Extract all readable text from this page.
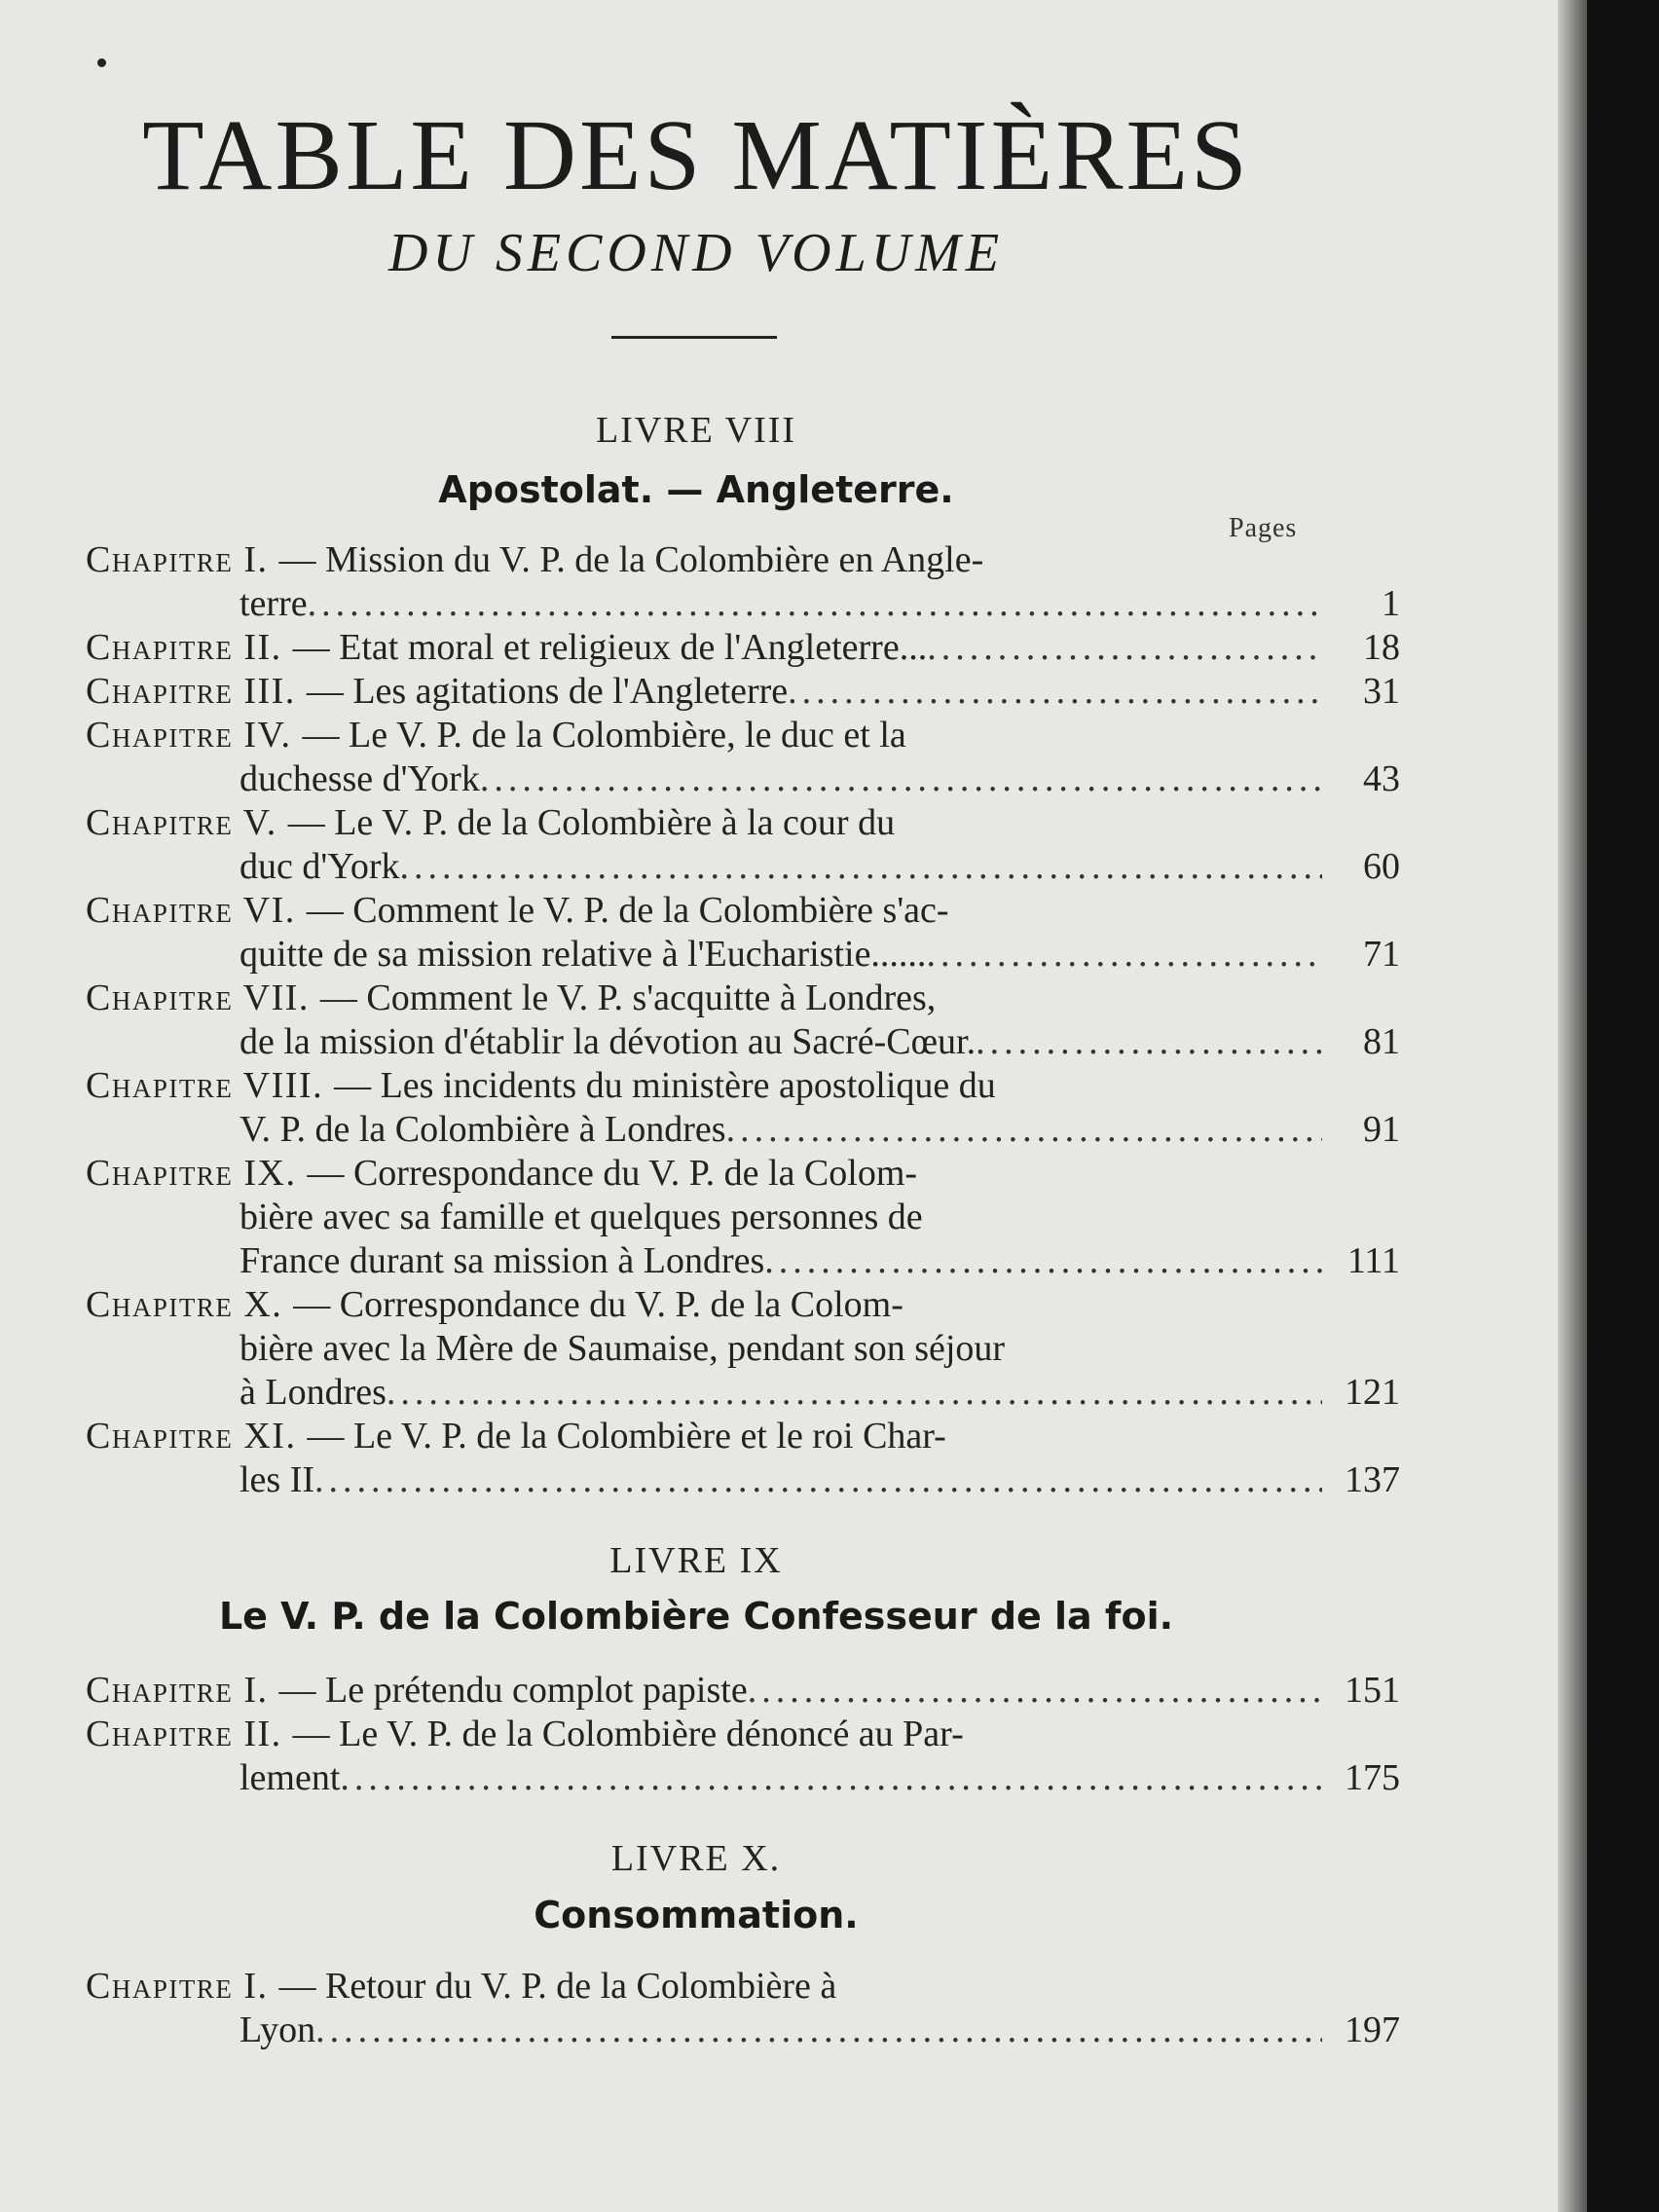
TABLE DES MATIÈRES
DU SECOND VOLUME
Pages
LIVRE VIII
Apostolat. — Angleterre.
Chapitre I. — Mission du V. P. de la Colombière en Angle-
terre .....	1
Chapitre II. — Etat moral et religieux de l'Angleterre... .....	18
Chapitre III. — Les agitations de l'Angleterre .....	31
Chapitre IV. — Le V. P. de la Colombière, le duc et la
duchesse d'York .....	43
Chapitre V. — Le V. P. de la Colombière à la cour du
duc d'York .....	60
Chapitre VI. — Comment le V. P. de la Colombière s'ac-
quitte de sa mission relative à l'Eucharistie...... .....	71
Chapitre VII. — Comment le V. P. s'acquitte à Londres,
de la mission d'établir la dévotion au Sacré-Cœur. .....	81
Chapitre VIII. — Les incidents du ministère apostolique du
V. P. de la Colombière à Londres .....	91
Chapitre IX. — Correspondance du V. P. de la Colom-
bière avec sa famille et quelques personnes de
France durant sa mission à Londres .....	111
Chapitre X. — Correspondance du V. P. de la Colom-
bière avec la Mère de Saumaise, pendant son séjour
à Londres .....	121
Chapitre XI. — Le V. P. de la Colombière et le roi Char-
les II .....	137
LIVRE IX
Le V. P. de la Colombière Confesseur de la foi.
Chapitre I. — Le prétendu complot papiste .....	151
Chapitre II. — Le V. P. de la Colombière dénoncé au Par-
lement .....	175
LIVRE X.
Consommation.
Chapitre I. — Retour du V. P. de la Colombière à
Lyon .....	197
